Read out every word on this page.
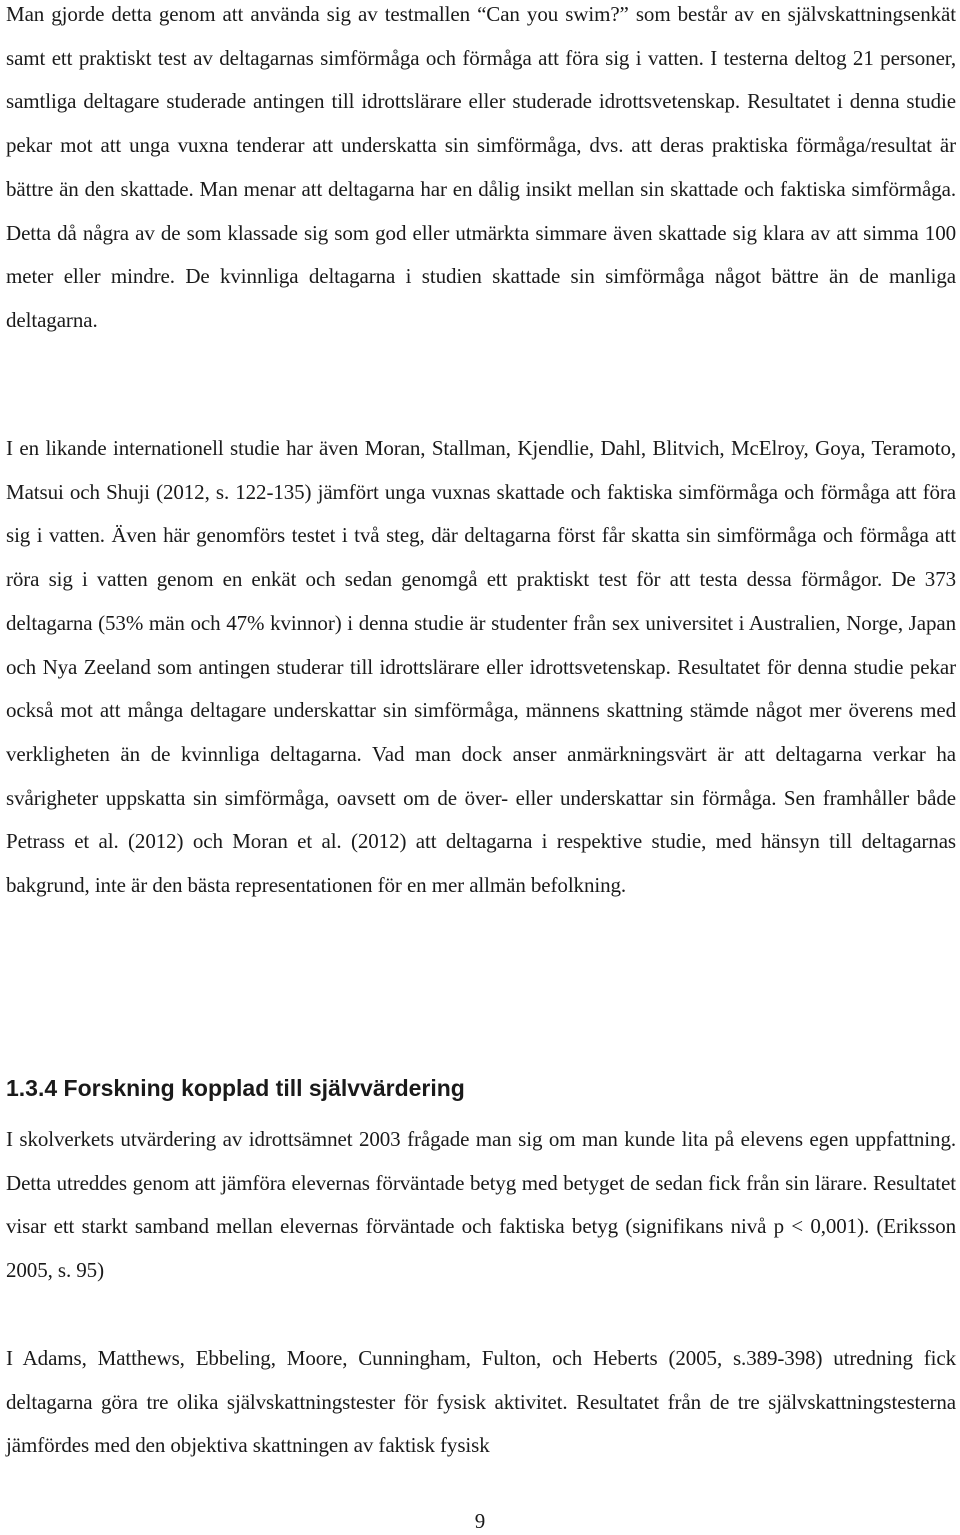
Man gjorde detta genom att använda sig av testmallen “Can you swim?” som består av en självskattningsenkät samt ett praktiskt test av deltagarnas simförmåga och förmåga att föra sig i vatten. I testerna deltog 21 personer, samtliga deltagare studerade antingen till idrottslärare eller studerade idrottsvetenskap. Resultatet i denna studie pekar mot att unga vuxna tenderar att underskatta sin simförmåga, dvs. att deras praktiska förmåga/resultat är bättre än den skattade. Man menar att deltagarna har en dålig insikt mellan sin skattade och faktiska simförmåga. Detta då några av de som klassade sig som god eller utmärkta simmare även skattade sig klara av att simma 100 meter eller mindre. De kvinnliga deltagarna i studien skattade sin simförmåga något bättre än de manliga deltagarna.

I en likande internationell studie har även Moran, Stallman, Kjendlie, Dahl, Blitvich, McElroy, Goya, Teramoto, Matsui och Shuji (2012, s. 122-135) jämfört unga vuxnas skattade och faktiska simförmåga och förmåga att föra sig i vatten. Även här genomförs testet i två steg, där deltagarna först får skatta sin simförmåga och förmåga att röra sig i vatten genom en enkät och sedan genomgå ett praktiskt test för att testa dessa förmågor. De 373 deltagarna (53% män och 47% kvinnor) i denna studie är studenter från sex universitet i Australien, Norge, Japan och Nya Zeeland som antingen studerar till idrottslärare eller idrottsvetenskap. Resultatet för denna studie pekar också mot att många deltagare underskattar sin simförmåga, männens skattning stämde något mer överens med verkligheten än de kvinnliga deltagarna. Vad man dock anser anmärkningsvärt är att deltagarna verkar ha svårigheter uppskatta sin simförmåga, oavsett om de över- eller underskattar sin förmåga. Sen framhåller både Petrass et al. (2012) och Moran et al. (2012) att deltagarna i respektive studie, med hänsyn till deltagarnas bakgrund, inte är den bästa representationen för en mer allmän befolkning.

1.3.4 Forskning kopplad till självvärdering

I skolverkets utvärdering av idrottsämnet 2003 frågade man sig om man kunde lita på elevens egen uppfattning. Detta utreddes genom att jämföra elevernas förväntade betyg med betyget de sedan fick från sin lärare. Resultatet visar ett starkt samband mellan elevernas förväntade och faktiska betyg (signifikans nivå p < 0,001). (Eriksson 2005, s. 95)

I Adams, Matthews, Ebbeling, Moore, Cunningham, Fulton, och Heberts (2005, s.389-398) utredning fick deltagarna göra tre olika självskattningstester för fysisk aktivitet. Resultatet från de tre självskattningstesterna jämfördes med den objektiva skattningen av faktisk fysisk

9
